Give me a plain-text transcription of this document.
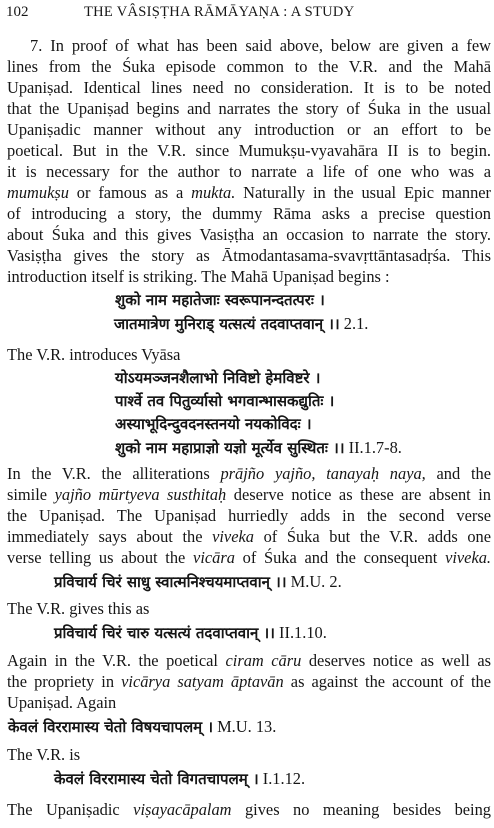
102	THE VÂSIṢṬHA RĀMĀYAṆA : A STUDY
7. In proof of what has been said above, below are given a few
lines from the Śuka episode common to the V.R. and the Mahā
Upaniṣad. Identical lines need no consideration. It is to be noted
that the Upaniṣad begins and narrates the story of Śuka in the usual
Upaniṣadic manner without any introduction or an effort to be
poetical. But in the V.R. since Mumukṣu-vyavahāra II is to begin.
it is necessary for the author to narrate a life of one who was a
mumukṣu or famous as a mukta. Naturally in the usual Epic manner
of introducing a story, the dummy Rāma asks a precise question
about Śuka and this gives Vasiṣṭha an occasion to narrate the story.
Vasiṣṭha gives the story as Ātmodantasama-svavṛttāntasadṛśa. This
introduction itself is striking. The Mahā Upaniṣad begins :
शुको नाम महातेजाः स्वरूपानन्दतत्परः ।
जातमात्रेण मुनिराड् यत्सत्यं तदवाप्तवान् ।। 2.1.
The V.R. introduces Vyāsa
योऽयमञ्जनशैलाभो निविष्टो हेमविष्टरे ।
पार्श्वे तव पितुर्व्यासो भगवान्भासकद्युतिः ।
अस्याभूदिन्दुवदनस्तनयो नयकोविदः ।
शुको नाम महाप्राज्ञो यज्ञो मूर्त्येव सुस्थितः ।। II.1.7-8.
In the V.R. the alliterations prājño yajño, tanayaḥ naya, and the
simile yajño mūrtyeva susthitaḥ deserve notice as these are absent in
the Upaniṣad. The Upaniṣad hurriedly adds in the second verse
immediately says about the viveka of Śuka but the V.R. adds one
verse telling us about the vicāra of Śuka and the consequent viveka.
प्रविचार्य चिरं साधु स्वात्मनिश्चयमाप्तवान् ।। M.U. 2.
The V.R. gives this as
प्रविचार्य चिरं चारु यत्सत्यं तदवाप्तवान् ।। II.1.10.
Again in the V.R. the poetical ciram cāru deserves notice as well as
the propriety in vicārya satyam āptavān as against the account of the
Upaniṣad. Again
केवलं विररामास्य चेतो विषयचापलम् । M.U. 13.
The V.R. is
केवलं विररामास्य चेतो विगतचापलम् । I.1.12.
The Upaniṣadic viṣayacāpalam gives no meaning besides being
